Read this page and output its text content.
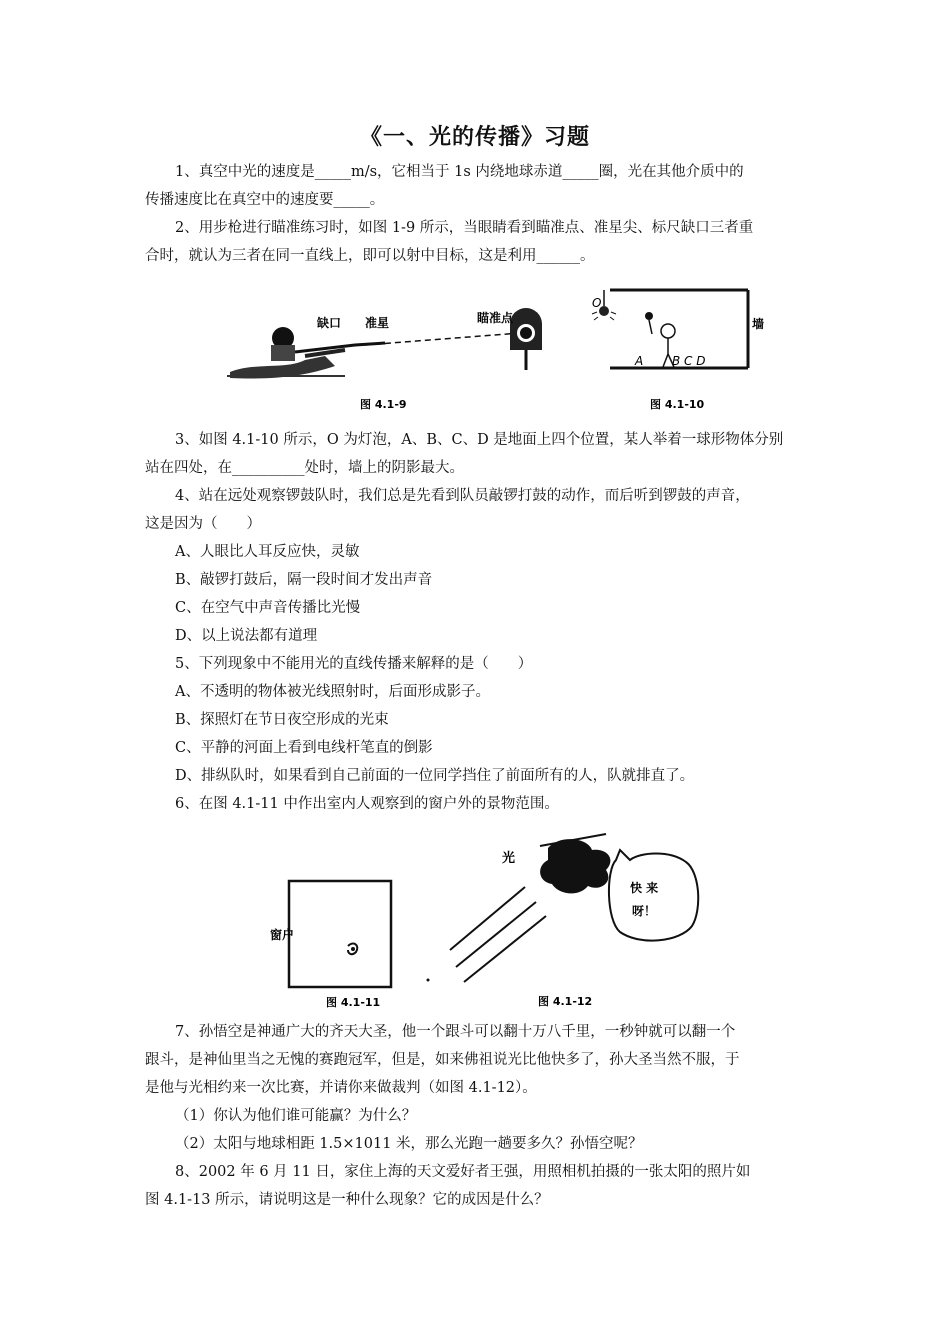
《一、光的传播》习题
1、真空中光的速度是_____m/s，它相当于 1s 内绕地球赤道_____圈，光在其他介质中的
传播速度比在真空中的速度要_____。
2、用步枪进行瞄准练习时，如图 1-9 所示，当眼睛看到瞄准点、准星尖、标尺缺口三者重
合时，就认为三者在同一直线上，即可以射中目标，这是利用______。
缺口 准星	瞄准点
图 4.1-9
O
A B C D
墙
图 4.1-10
3、如图 4.1-10 所示，O 为灯泡，A、B、C、D 是地面上四个位置，某人举着一球形物体分别
站在四处，在__________处时，墙上的阴影最大。
4、站在远处观察锣鼓队时，我们总是先看到队员敲锣打鼓的动作，而后听到锣鼓的声音，
这是因为（　　）
A、人眼比人耳反应快，灵敏
B、敲锣打鼓后，隔一段时间才发出声音
C、在空气中声音传播比光慢
D、以上说法都有道理
5、下列现象中不能用光的直线传播来解释的是（　　）
A、不透明的物体被光线照射时，后面形成影子。
B、探照灯在节日夜空形成的光束
C、平静的河面上看到电线杆笔直的倒影
D、排纵队时，如果看到自己前面的一位同学挡住了前面所有的人，队就排直了。
6、在图 4.1-11 中作出室内人观察到的窗户外的景物范围。
窗户
图 4.1-11
光
快 来
呀！
图 4.1-12
7、孙悟空是神通广大的齐天大圣，他一个跟斗可以翻十万八千里，一秒钟就可以翻一个
跟斗，是神仙里当之无愧的赛跑冠军，但是，如来佛祖说光比他快多了，孙大圣当然不服，于
是他与光相约来一次比赛，并请你来做裁判（如图 4.1-12）。
（1）你认为他们谁可能赢？为什么？
（2）太阳与地球相距 1.5×1011 米，那么光跑一趟要多久？孙悟空呢？
8、2002 年 6 月 11 日，家住上海的天文爱好者王强，用照相机拍摄的一张太阳的照片如
图 4.1-13 所示，请说明这是一种什么现象？它的成因是什么？
